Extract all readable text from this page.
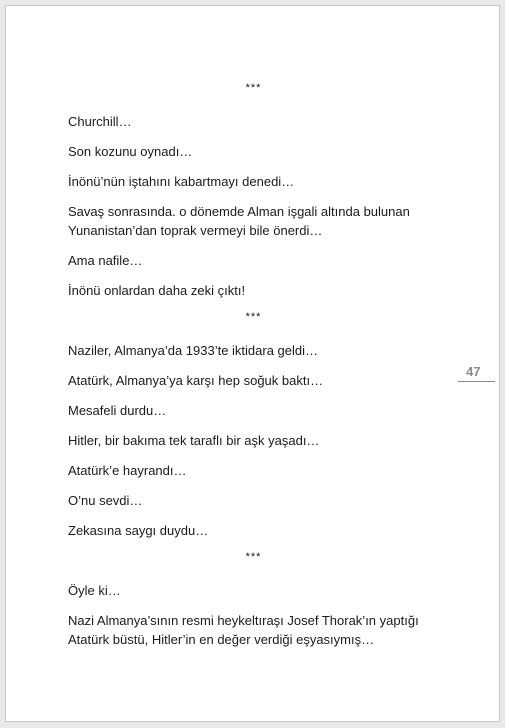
***
Churchill…
Son kozunu oynadı…
İnönü’nün iştahını kabartmayı denedi…
Savaş sonrasında. o dönemde Alman işgali altında bulunan
Yunanistan’dan toprak vermeyi bile önerdi…
Ama nafile…
İnönü onlardan daha zeki çıktı!
***
Naziler, Almanya’da 1933’te iktidara geldi…
Atatürk, Almanya’ya karşı hep soğuk baktı…
Mesafeli durdu…
Hitler, bir bakıma tek taraflı bir aşk yaşadı…
Atatürk’e hayrandı…
O’nu sevdi…
Zekasına saygı duydu…
***
Öyle ki…
Nazi Almanya’sının resmi heykeltıraşı Josef Thorak’ın yaptığı
Atatürk büstü, Hitler’in en değer verdiği eşyasıymış…
47
